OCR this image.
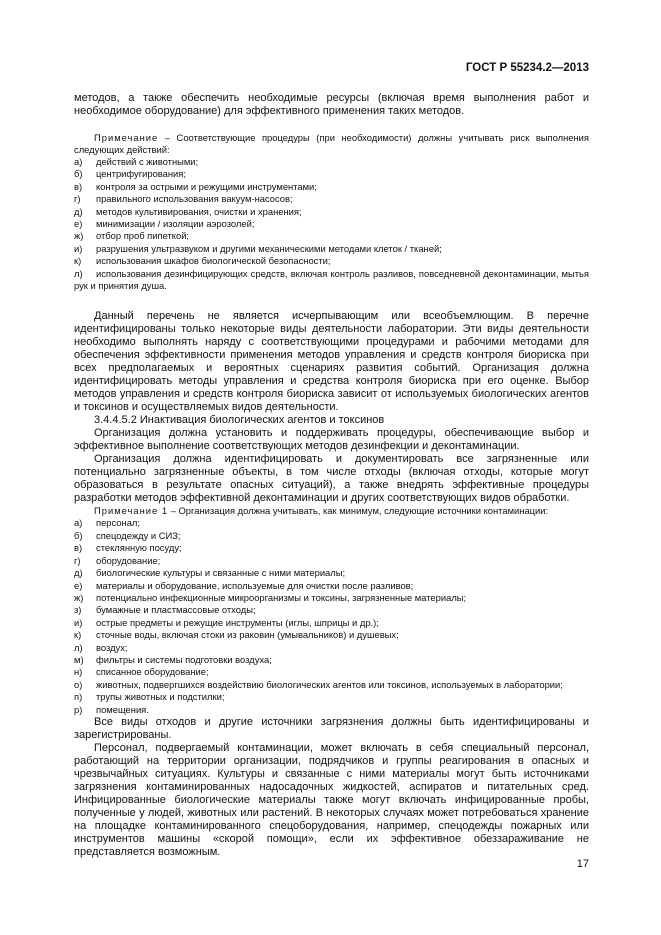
ГОСТ Р 55234.2—2013

методов, а также обеспечить необходимые ресурсы (включая время выполнения работ и необходимое оборудование) для эффективного применения таких методов.

Примечание – Соответствующие процедуры (при необходимости) должны учитывать риск выполнения следующих действий:

а)	действий с животными;
б)	центрифугирования;
в)	контроля за острыми и режущими инструментами;
г)	правильного использования вакуум-насосов;
д)	методов культивирования, очистки и хранения;
е)	минимизации / изоляции аэрозолей;
ж)	отбор проб пипеткой;
и)	разрушения ультразвуком и другими механическими методами клеток / тканей;
к)	использования шкафов биологической безопасности;
л) использования дезинфицирующих средств, включая контроль разливов, повседневной деконтаминации, мытья рук и принятия душа.

Данный перечень не является исчерпывающим или всеобъемлющим. В перечне идентифицированы только некоторые виды деятельности лаборатории. Эти виды деятельности необходимо выполнять наряду с соответствующими процедурами и рабочими методами для обеспечения эффективности применения методов управления и средств контроля биориска при всех предполагаемых и вероятных сценариях развития событий. Организация должна идентифицировать методы управления и средства контроля биориска при его оценке. Выбор методов управления и средств контроля биориска зависит от используемых биологических агентов и токсинов и осуществляемых видов деятельности.

3.4.4.5.2 Инактивация биологических агентов и токсинов

Организация должна установить и поддерживать процедуры, обеспечивающие выбор и эффективное выполнение соответствующих методов дезинфекции и деконтаминации.

Организация должна идентифицировать и документировать все загрязненные или потенциально загрязненные объекты, в том числе отходы (включая отходы, которые могут образоваться в результате опасных ситуаций), а также внедрять эффективные процедуры разработки методов эффективной деконтаминации и других соответствующих видов обработки.

Примечание 1 – Организация должна учитывать, как минимум, следующие источники контаминации:

а)	персонал;
б)	спецодежду и СИЗ;
в)	стеклянную посуду;
г)	оборудование;
д)	биологические культуры и связанные с ними материалы;
е)	материалы и оборудование, используемые для очистки после разливов;
ж)	потенциально инфекционные микроорганизмы и токсины, загрязненные материалы;
з)	бумажные и пластмассовые отходы;
и)	острые предметы и режущие инструменты (иглы, шприцы и др.);
к)	сточные воды, включая стоки из раковин (умывальников) и душевых;
л)	воздух;
м)	фильтры и системы подготовки воздуха;
н)	списанное оборудование;
о) животных, подвергшихся воздействию биологических агентов или токсинов, используемых в лаборатории;
п)	трупы животных и подстилки;
р)	помещения.

Все виды отходов и другие источники загрязнения должны быть идентифицированы и зарегистрированы.

Персонал, подвергаемый контаминации, может включать в себя специальный персонал, работающий на территории организации, подрядчиков и группы реагирования в опасных и чрезвычайных ситуациях. Культуры и связанные с ними материалы могут быть источниками загрязнения контаминированных надосадочных жидкостей, аспиратов и питательных сред. Инфицированные биологические материалы также могут включать инфицированные пробы, полученные у людей, животных или растений. В некоторых случаях может потребоваться хранение на площадке контаминированного спецоборудования, например, спецодежды пожарных или инструментов машины «скорой помощи», если их эффективное обеззараживание не представляется возможным.

17
